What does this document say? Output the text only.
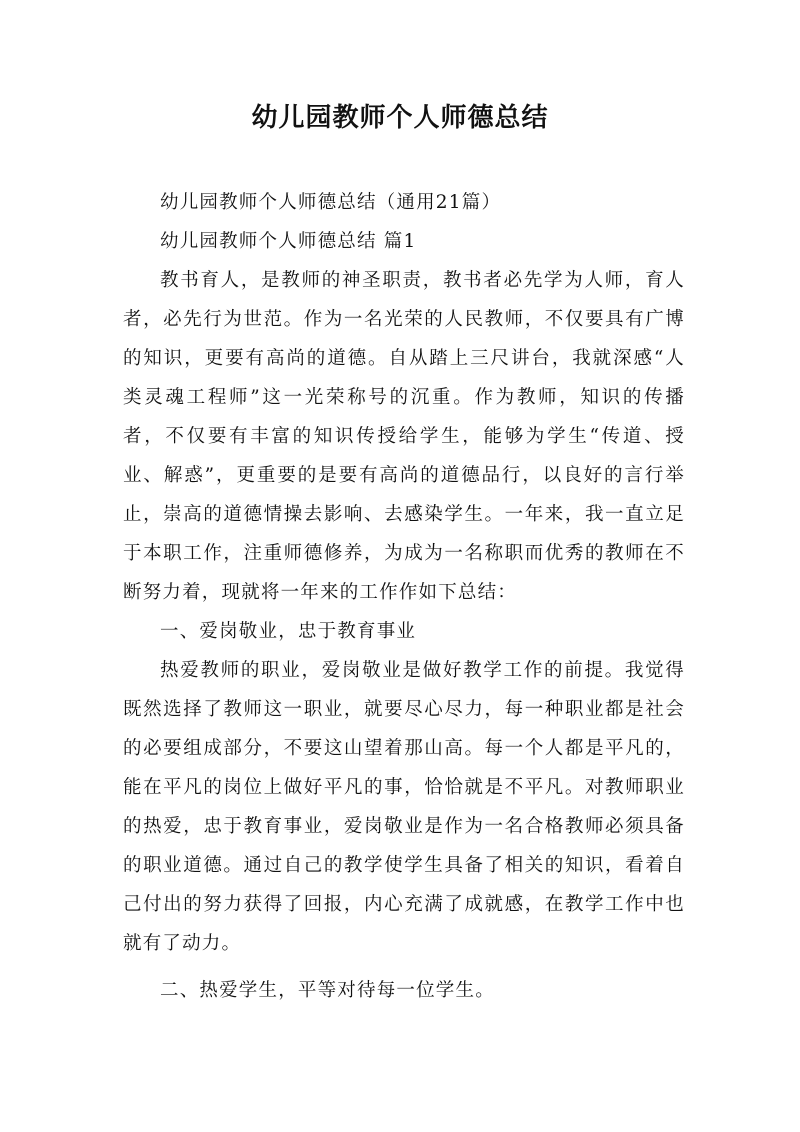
幼儿园教师个人师德总结

幼儿园教师个人师德总结（通用21篇）

幼儿园教师个人师德总结 篇1

教书育人，是教师的神圣职责，教书者必先学为人师，育人者，必先行为世范。作为一名光荣的人民教师，不仅要具有广博的知识，更要有高尚的道德。自从踏上三尺讲台，我就深感“人类灵魂工程师”这一光荣称号的沉重。作为教师，知识的传播者，不仅要有丰富的知识传授给学生，能够为学生“传道、授业、解惑”，更重要的是要有高尚的道德品行，以良好的言行举止，崇高的道德情操去影响、去感染学生。一年来，我一直立足于本职工作，注重师德修养，为成为一名称职而优秀的教师在不断努力着，现就将一年来的工作作如下总结：

一、爱岗敬业，忠于教育事业

热爱教师的职业，爱岗敬业是做好教学工作的前提。我觉得既然选择了教师这一职业，就要尽心尽力，每一种职业都是社会的必要组成部分，不要这山望着那山高。每一个人都是平凡的，能在平凡的岗位上做好平凡的事，恰恰就是不平凡。对教师职业的热爱，忠于教育事业，爱岗敬业是作为一名合格教师必须具备的职业道德。通过自己的教学使学生具备了相关的知识，看着自己付出的努力获得了回报，内心充满了成就感，在教学工作中也就有了动力。

二、热爱学生，平等对待每一位学生。
